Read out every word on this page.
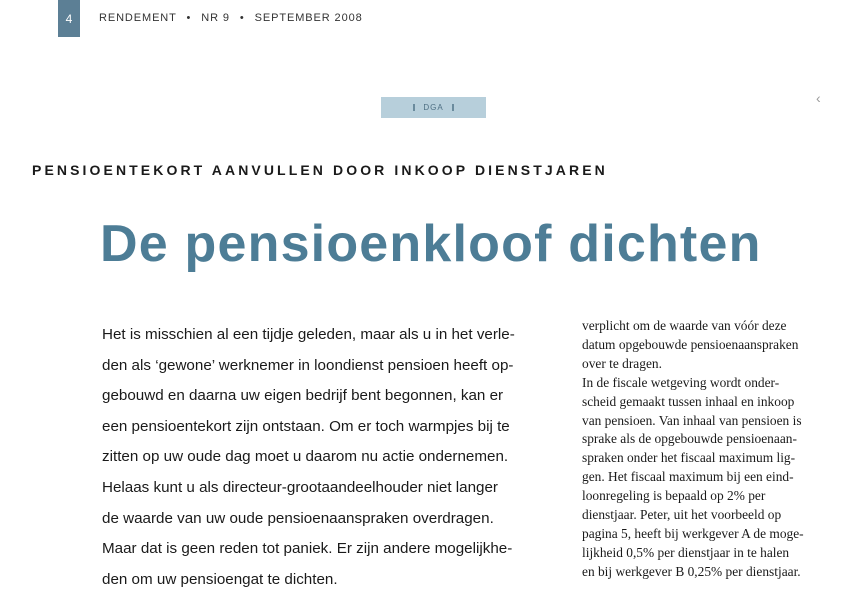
4 RENDEMENT • NR 9 • SEPTEMBER 2008
DGA
‹
PENSIOENTEKORT AANVULLEN DOOR INKOOP DIENSTJAREN
De pensioenkloof dichten
Het is misschien al een tijdje geleden, maar als u in het verle-
den als ‘gewone’ werknemer in loondienst pensioen heeft op-
gebouwd en daarna uw eigen bedrijf bent begonnen, kan er
een pensioentekort zijn ontstaan. Om er toch warmpjes bij te
zitten op uw oude dag moet u daarom nu actie ondernemen.
Helaas kunt u als directeur-grootaandeelhouder niet langer
de waarde van uw oude pensioenaanspraken overdragen.
Maar dat is geen reden tot paniek. Er zijn andere mogelijkhe-
den om uw pensioengat te dichten.
verplicht om de waarde van vóór deze
datum opgebouwde pensioenaanspraken
over te dragen.
In de fiscale wetgeving wordt onder-
scheid gemaakt tussen inhaal en inkoop
van pensioen. Van inhaal van pensioen is
sprake als de opgebouwde pensioenaan-
spraken onder het fiscaal maximum lig-
gen. Het fiscaal maximum bij een eind-
loonregeling is bepaald op 2% per
dienstjaar. Peter, uit het voorbeeld op
pagina 5, heeft bij werkgever A de moge-
lijkheid 0,5% per dienstjaar in te halen
en bij werkgever B 0,25% per dienstjaar.
